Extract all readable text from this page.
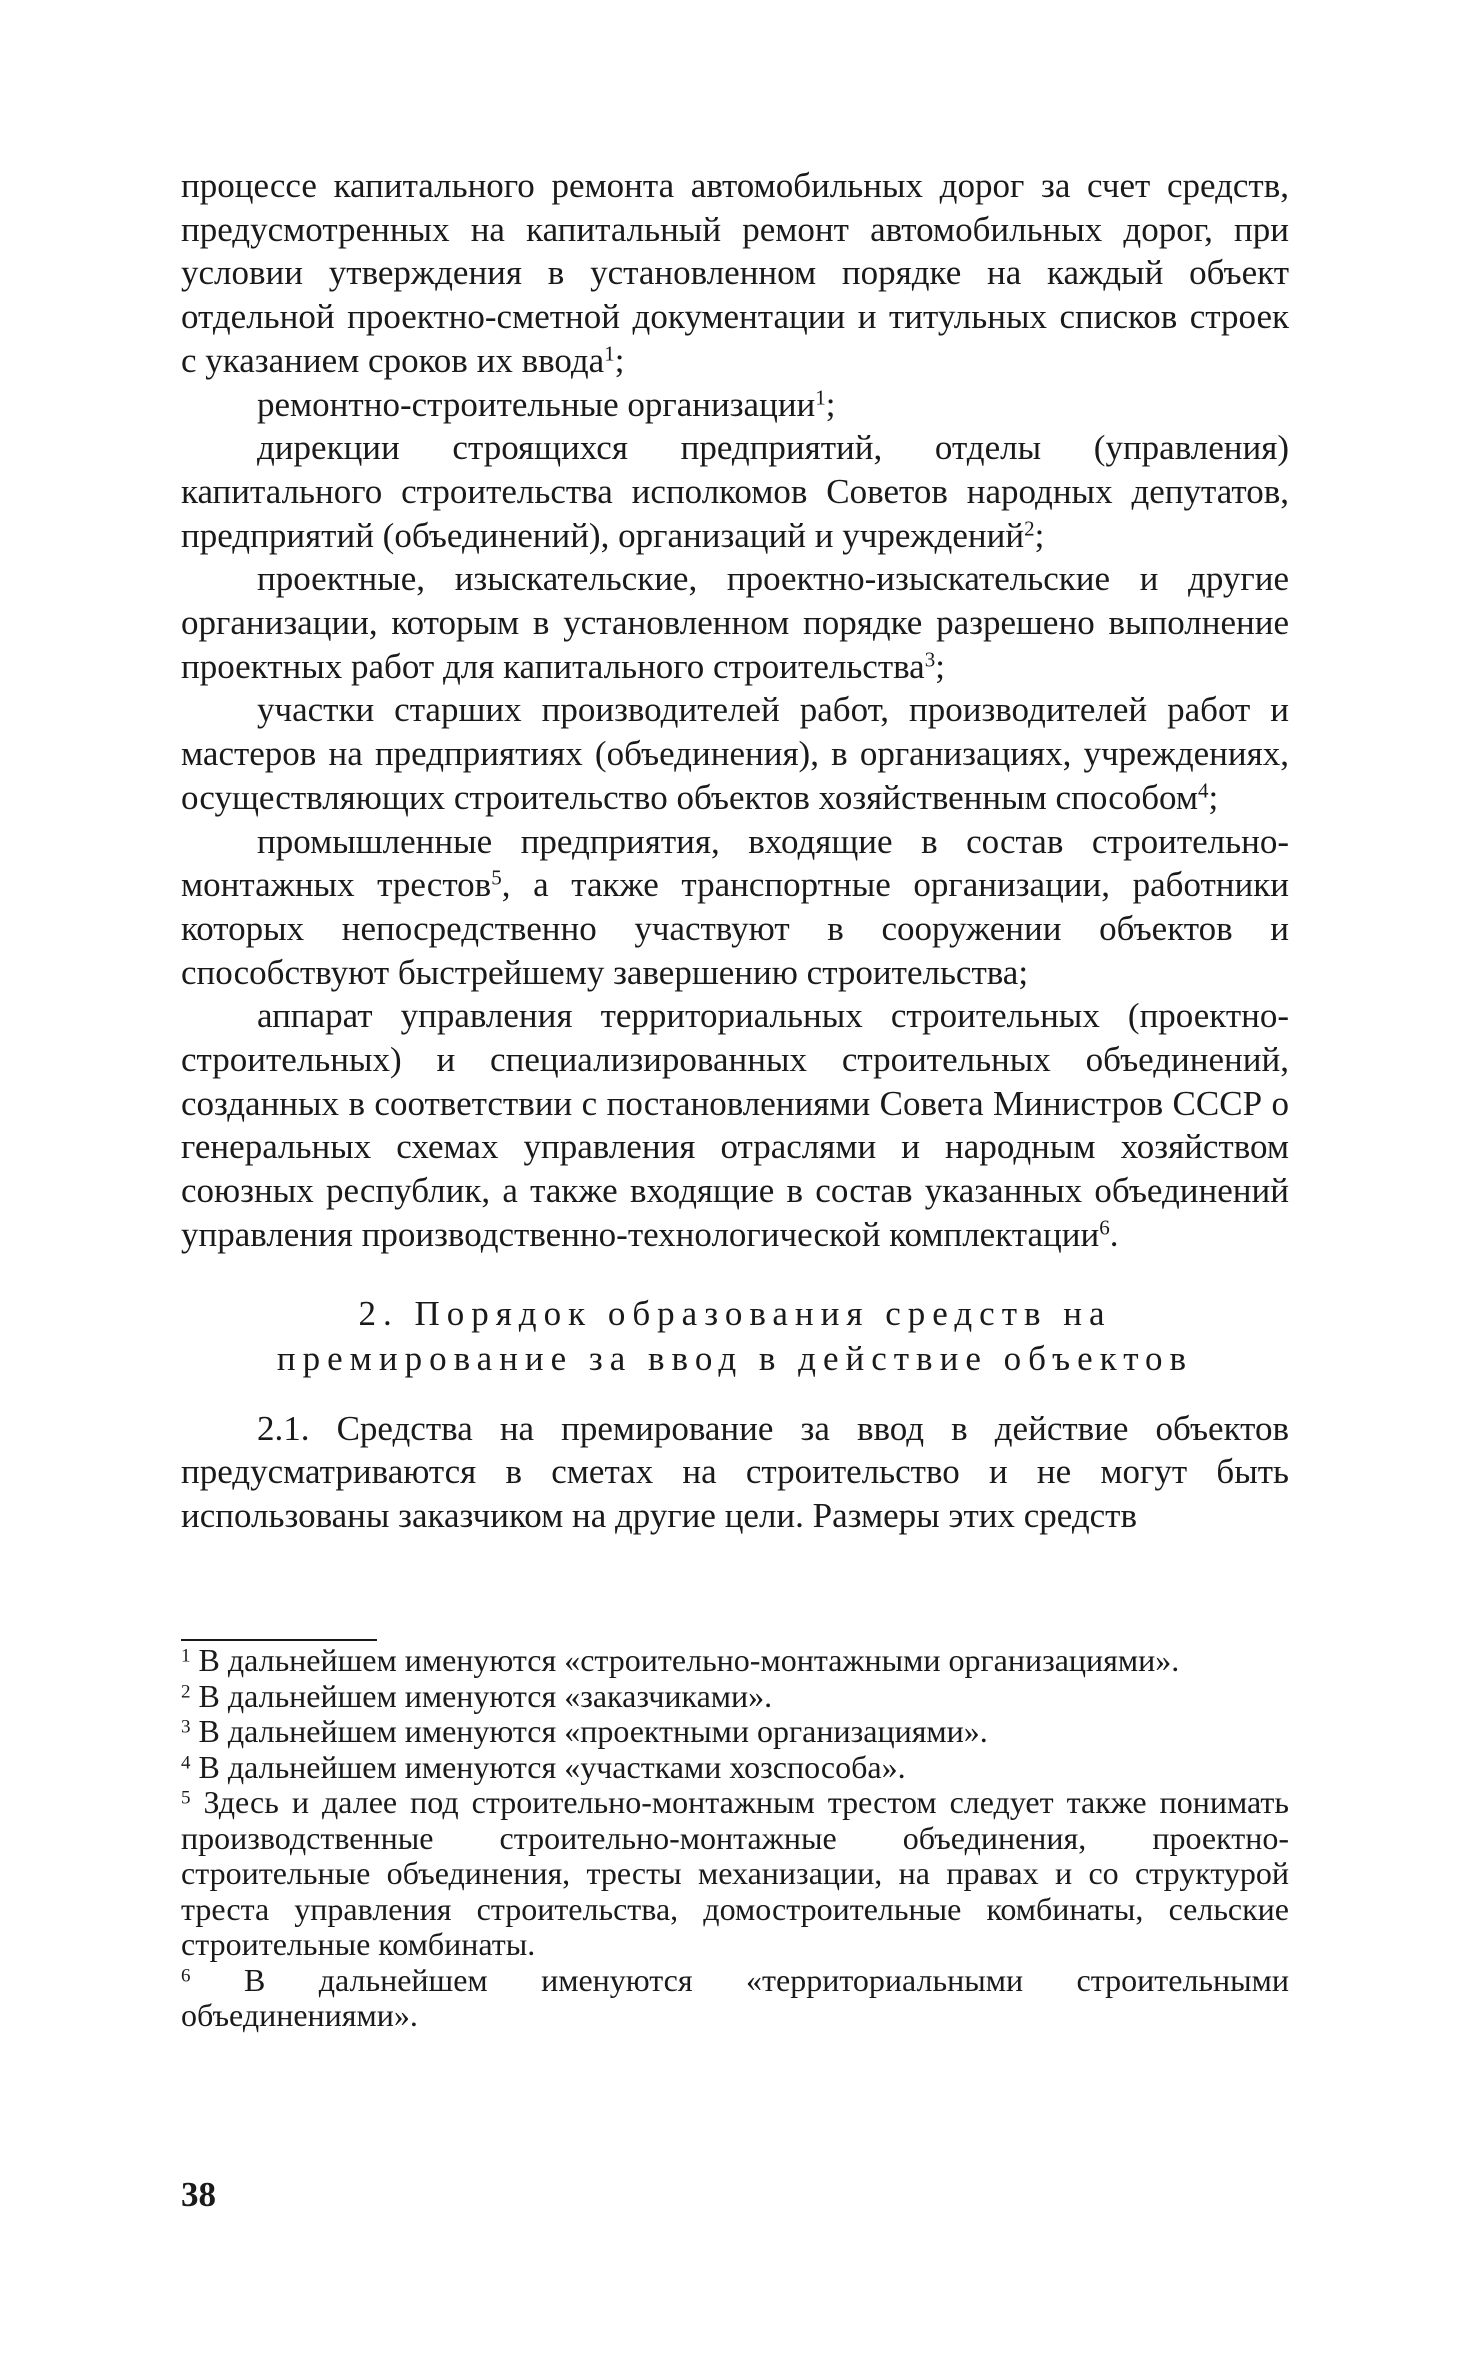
процессе капитального ремонта автомобильных дорог за счет средств, предусмотренных на капитальный ремонт автомобильных дорог, при условии утверждения в установленном порядке на каждый объект отдельной проектно-сметной документации и титульных списков строек с указанием сроков их ввода$^1$;

ремонтно-строительные организации$^1$;

дирекции строящихся предприятий, отделы (управления) капитального строительства исполкомов Советов народных депутатов, предприятий (объединений), организаций и учреждений$^2$;

проектные, изыскательские, проектно-изыскательские и другие организации, которым в установленном порядке разрешено выполнение проектных работ для капитального строительства$^3$;

участки старших производителей работ, производителей работ и мастеров на предприятиях (объединения), в организациях, учреждениях, осуществляющих строительство объектов хозяйственным способом$^4$;

промышленные предприятия, входящие в состав строительно-монтажных трестов$^5$, а также транспортные организации, работники которых непосредственно участвуют в сооружении объектов и способствуют быстрейшему завершению строительства;

аппарат управления территориальных строительных (проектно-строительных) и специализированных строительных объединений, созданных в соответствии с постановлениями Совета Министров СССР о генеральных схемах управления отраслями и народным хозяйством союзных республик, а также входящие в состав указанных объединений управления производственно-технологической комплектации$^6$.

2. Порядок образования средств на
премирование за ввод в действие объектов

2.1. Средства на премирование за ввод в действие объектов предусматриваются в сметах на строительство и не могут быть использованы заказчиком на другие цели. Размеры этих средств

$^1$ В дальнейшем именуются «строительно-монтажными организациями».

$^2$ В дальнейшем именуются «заказчиками».

$^3$ В дальнейшем именуются «проектными организациями».

$^4$ В дальнейшем именуются «участками хозспособа».

$^5$ Здесь и далее под строительно-монтажным трестом следует также понимать производственные строительно-монтажные объединения, проектно-строительные объединения, тресты механизации, на правах и со структурой треста управления строительства, домостроительные комбинаты, сельские строительные комбинаты.

$^6$ В дальнейшем именуются «территориальными строительными объединениями».

38
